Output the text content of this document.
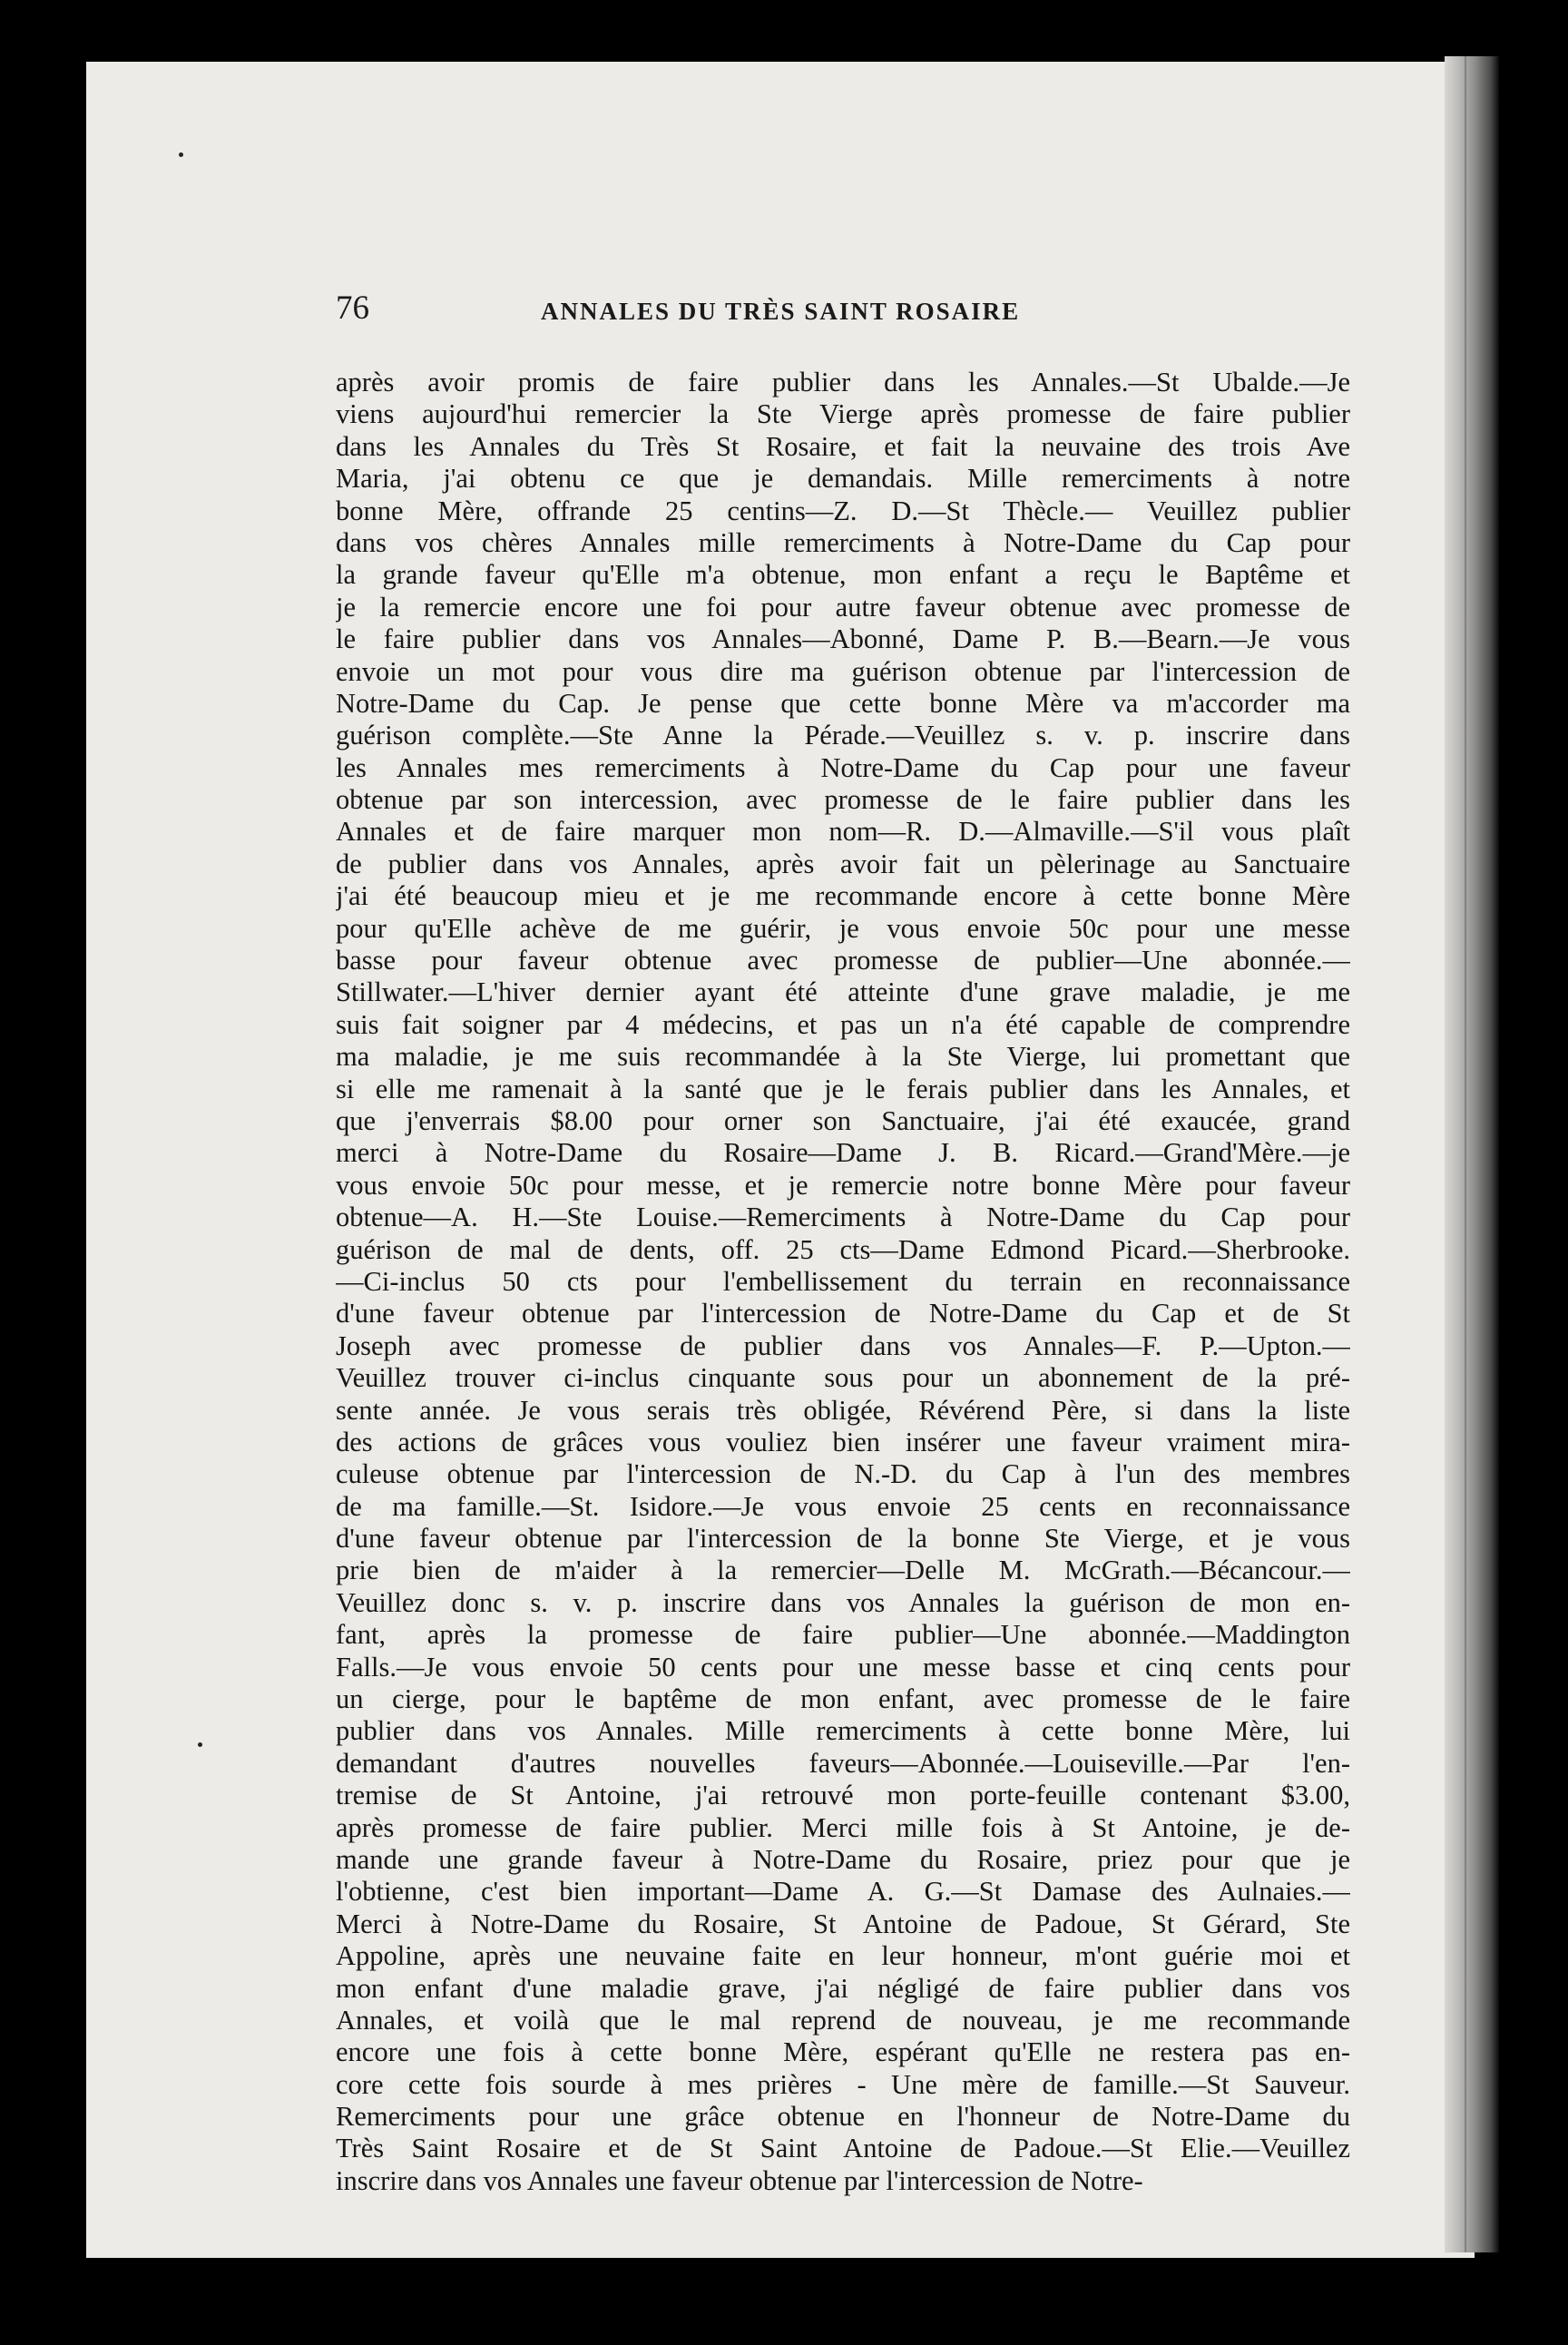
76	ANNALES DU TRÈS SAINT ROSAIRE
après avoir promis de faire publier dans les Annales.—St Ubalde.—Je
viens aujourd'hui remercier la Ste Vierge après promesse de faire publier
dans les Annales du Très St Rosaire, et fait la neuvaine des trois Ave
Maria, j'ai obtenu ce que je demandais. Mille remerciments à notre
bonne Mère, offrande 25 centins—Z. D.—St Thècle.— Veuillez publier
dans vos chères Annales mille remerciments à Notre-Dame du Cap pour
la grande faveur qu'Elle m'a obtenue, mon enfant a reçu le Baptême et
je la remercie encore une foi pour autre faveur obtenue avec promesse de
le faire publier dans vos Annales—Abonné, Dame P. B.—Bearn.—Je vous
envoie un mot pour vous dire ma guérison obtenue par l'intercession de
Notre-Dame du Cap. Je pense que cette bonne Mère va m'accorder ma
guérison complète.—Ste Anne la Pérade.—Veuillez s. v. p. inscrire dans
les Annales mes remerciments à Notre-Dame du Cap pour une faveur
obtenue par son intercession, avec promesse de le faire publier dans les
Annales et de faire marquer mon nom—R. D.—Almaville.—S'il vous plaît
de publier dans vos Annales, après avoir fait un pèlerinage au Sanctuaire
j'ai été beaucoup mieu et je me recommande encore à cette bonne Mère
pour qu'Elle achève de me guérir, je vous envoie 50c pour une messe
basse pour faveur obtenue avec promesse de publier—Une abonnée.—
Stillwater.—L'hiver dernier ayant été atteinte d'une grave maladie, je me
suis fait soigner par 4 médecins, et pas un n'a été capable de comprendre
ma maladie, je me suis recommandée à la Ste Vierge, lui promettant que
si elle me ramenait à la santé que je le ferais publier dans les Annales, et
que j'enverrais $8.00 pour orner son Sanctuaire, j'ai été exaucée, grand
merci à Notre-Dame du Rosaire—Dame J. B. Ricard.—Grand'Mère.—je
vous envoie 50c pour messe, et je remercie notre bonne Mère pour faveur
obtenue—A. H.—Ste Louise.—Remerciments à Notre-Dame du Cap pour
guérison de mal de dents, off. 25 cts—Dame Edmond Picard.—Sherbrooke.
—Ci-inclus 50 cts pour l'embellissement du terrain en reconnaissance
d'une faveur obtenue par l'intercession de Notre-Dame du Cap et de St
Joseph avec promesse de publier dans vos Annales—F. P.—Upton.—
Veuillez trouver ci-inclus cinquante sous pour un abonnement de la pré-
sente année. Je vous serais très obligée, Révérend Père, si dans la liste
des actions de grâces vous vouliez bien insérer une faveur vraiment mira-
culeuse obtenue par l'intercession de N.-D. du Cap à l'un des membres
de ma famille.—St. Isidore.—Je vous envoie 25 cents en reconnaissance
d'une faveur obtenue par l'intercession de la bonne Ste Vierge, et je vous
prie bien de m'aider à la remercier—Delle M. McGrath.—Bécancour.—
Veuillez donc s. v. p. inscrire dans vos Annales la guérison de mon en-
fant, après la promesse de faire publier—Une abonnée.—Maddington
Falls.—Je vous envoie 50 cents pour une messe basse et cinq cents pour
un cierge, pour le baptême de mon enfant, avec promesse de le faire
publier dans vos Annales. Mille remerciments à cette bonne Mère, lui
demandant d'autres nouvelles faveurs—Abonnée.—Louiseville.—Par l'en-
tremise de St Antoine, j'ai retrouvé mon porte-feuille contenant $3.00,
après promesse de faire publier. Merci mille fois à St Antoine, je de-
mande une grande faveur à Notre-Dame du Rosaire, priez pour que je
l'obtienne, c'est bien important—Dame A. G.—St Damase des Aulnaies.—
Merci à Notre-Dame du Rosaire, St Antoine de Padoue, St Gérard, Ste
Appoline, après une neuvaine faite en leur honneur, m'ont guérie moi et
mon enfant d'une maladie grave, j'ai négligé de faire publier dans vos
Annales, et voilà que le mal reprend de nouveau, je me recommande
encore une fois à cette bonne Mère, espérant qu'Elle ne restera pas en-
core cette fois sourde à mes prières - Une mère de famille.—St Sauveur.
Remerciments pour une grâce obtenue en l'honneur de Notre-Dame du
Très Saint Rosaire et de St Saint Antoine de Padoue.—St Elie.—Veuillez
inscrire dans vos Annales une faveur obtenue par l'intercession de Notre-
